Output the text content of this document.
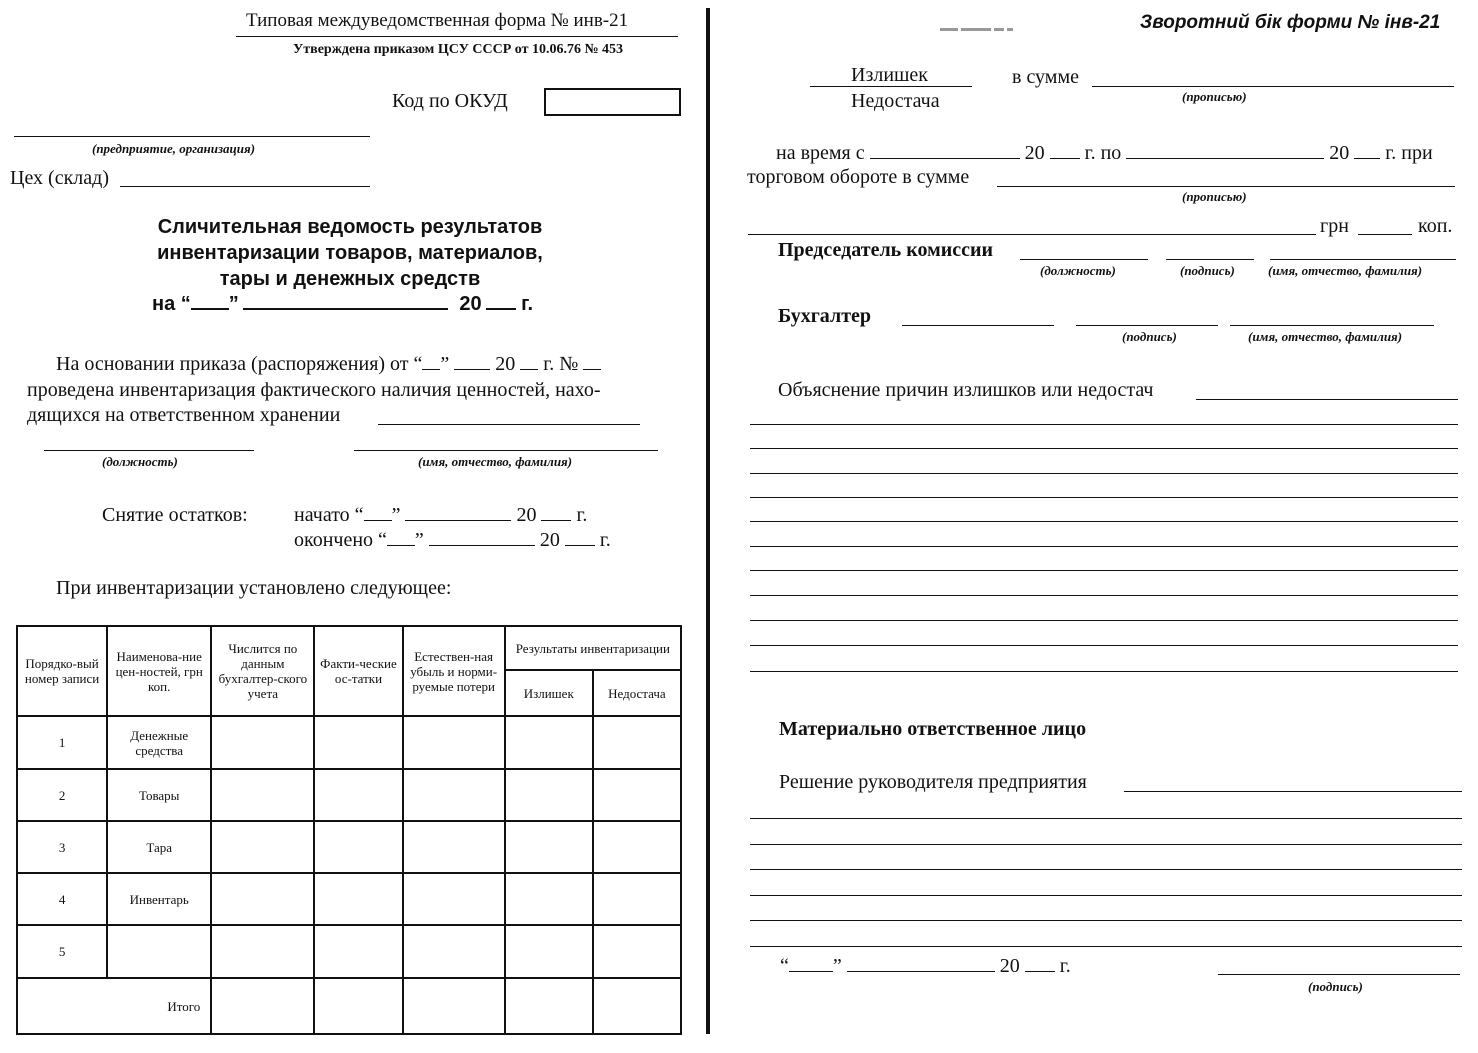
Типовая междуведомственная форма № инв-21
Утверждена приказом ЦСУ СССР от 10.06.76 № 453
Код по ОКУД
(предприятие, организация)
Цех (склад)
Сличительная ведомость результатов
инвентаризации товаров, материалов,
тары и денежных средств
на “ ”	20 г.
На основании приказа (распоряжения) от “ ” 20 г. №
проведена инвентаризация фактического наличия ценностей, нахо-
дящихся на ответственном хранении
(должность)	(имя, отчество, фамилия)
Снятие остатков: начато “ ”	20 г.
окончено “ ”	20 г.
При инвентаризации установлено следующее:
Порядко-вый номер записи	Наименова-ние цен-ностей, грн коп.	Числится по данным бухгалтер-ского учета	Факти-ческие ос-татки	Естествен-ная убыль и норми-руемые потери	Результаты инвентаризации	
					Излишек	Недостача
1	Денежные средства					
2	Товары					
3	Тара					
4	Инвентарь					
5						
Итого						
Зворотний бік форми № інв-21
Излишек
Недостача
в сумме
(прописью)
на время с	20 г. по	20 г. при
торговом обороте в сумме
(прописью)
грн	коп.
Председатель комиссии
(должность)	(подпись)	(имя, отчество, фамилия)
Бухгалтер
(подпись)	(имя, отчество, фамилия)
Объяснение причин излишков или недостач
Материально ответственное лицо
Решение руководителя предприятия
“ ”	20 г.
(подпись)
